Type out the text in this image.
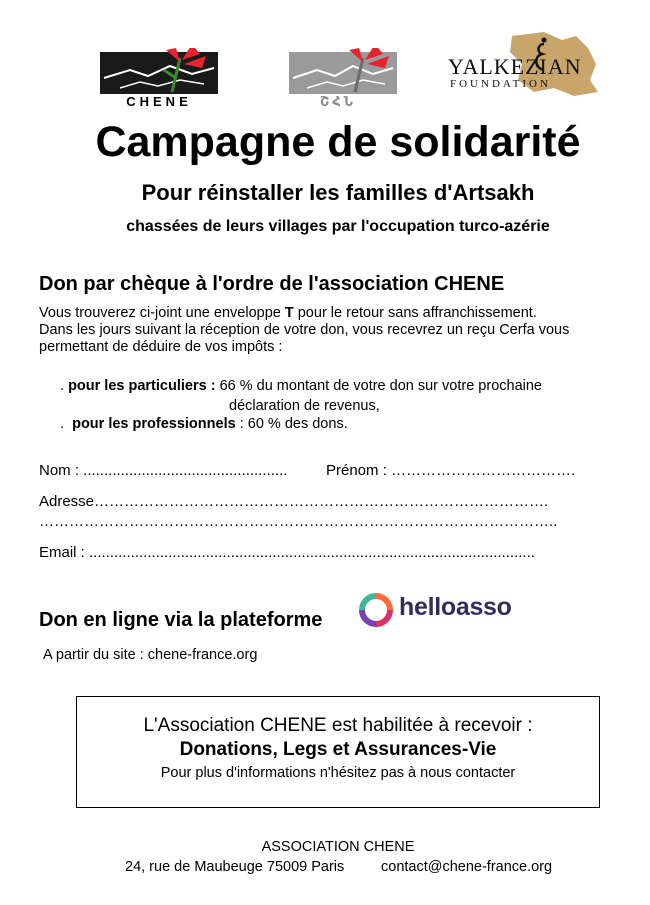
CHENE	ՇՀՆ
YALKEZIAN
FOUNDATION
Campagne de solidarité
Pour réinstaller les familles d'Artsakh
chassées de leurs villages par l'occupation turco-azérie
Don par chèque à l'ordre de l'association CHENE
Vous trouverez ci-joint une enveloppe T pour le retour sans affranchissement.
Dans les jours suivant la réception de votre don, vous recevrez un reçu Cerfa vous
permettant de déduire de vos impôts :
. pour les particuliers : 66 % du montant de votre don sur votre prochaine
déclaration de revenus,
. pour les professionnels : 60 % des dons.
Nom : .................................................	Prénom : ……………………………….
Adresse……………………………………………………………………………….
…………………………………………………………………………………………..
Email : ...........................................................................................................
Don en ligne via la plateforme	helloasso
A partir du site : chene-france.org
L'Association CHENE est habilitée à recevoir :
Donations, Legs et Assurances-Vie
Pour plus d'informations n'hésitez pas à nous contacter
ASSOCIATION CHENE
24, rue de Maubeuge 75009 Paris	contact@chene-france.org
